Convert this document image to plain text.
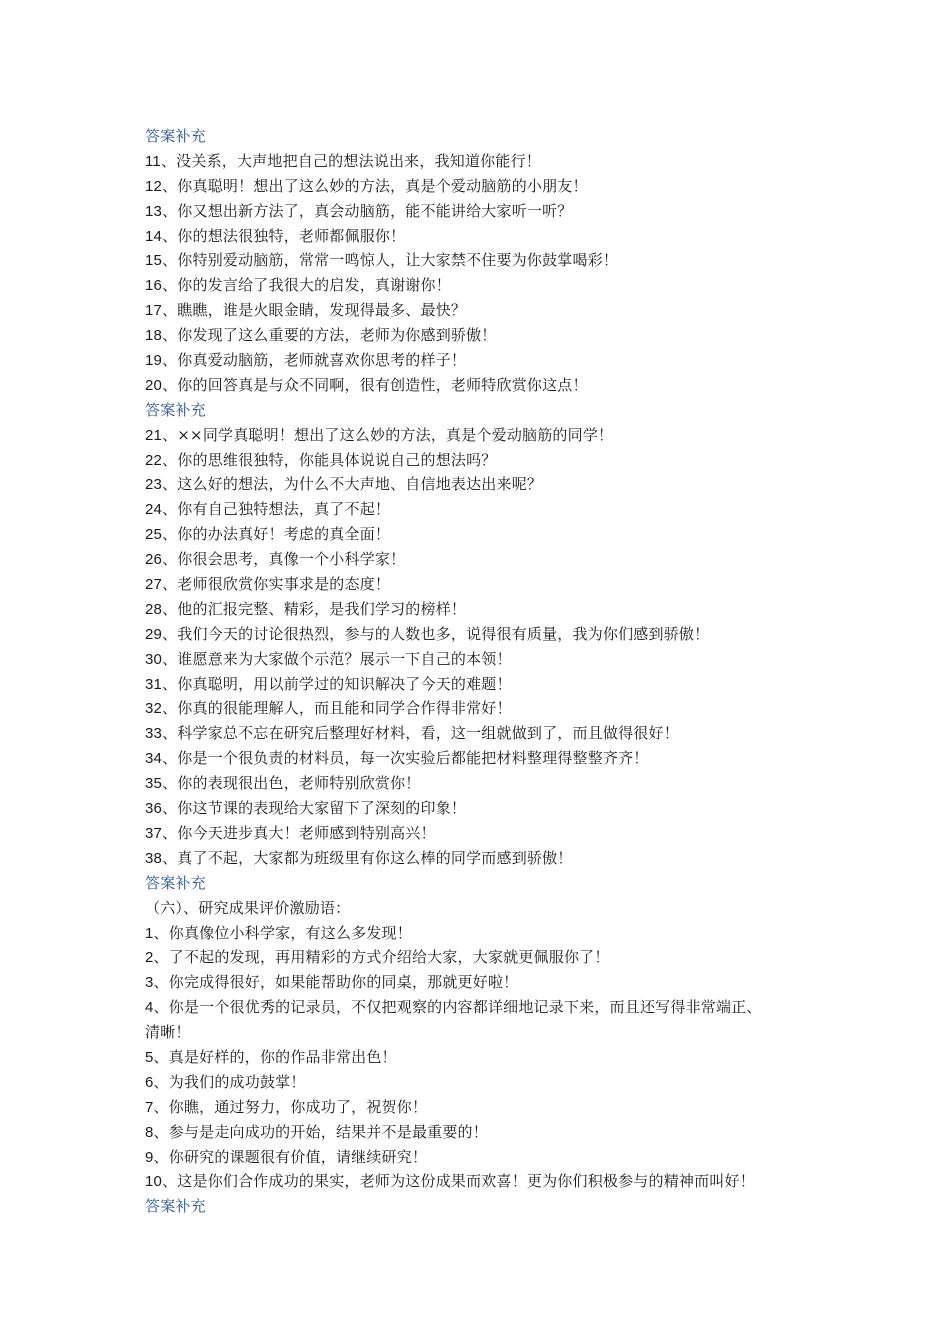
答案补充
11、没关系，大声地把自己的想法说出来，我知道你能行！
12、你真聪明！想出了这么妙的方法，真是个爱动脑筋的小朋友！
13、你又想出新方法了，真会动脑筋，能不能讲给大家听一听？
14、你的想法很独特，老师都佩服你！
15、你特别爱动脑筋，常常一鸣惊人，让大家禁不住要为你鼓掌喝彩！
16、你的发言给了我很大的启发，真谢谢你！
17、瞧瞧，谁是火眼金睛，发现得最多、最快？
18、你发现了这么重要的方法，老师为你感到骄傲！
19、你真爱动脑筋，老师就喜欢你思考的样子！
20、你的回答真是与众不同啊，很有创造性，老师特欣赏你这点！
答案补充
21、××同学真聪明！想出了这么妙的方法，真是个爱动脑筋的同学！
22、你的思维很独特，你能具体说说自己的想法吗？
23、这么好的想法，为什么不大声地、自信地表达出来呢？
24、你有自己独特想法，真了不起！
25、你的办法真好！考虑的真全面！
26、你很会思考，真像一个小科学家！
27、老师很欣赏你实事求是的态度！
28、他的汇报完整、精彩，是我们学习的榜样！
29、我们今天的讨论很热烈，参与的人数也多，说得很有质量，我为你们感到骄傲！
30、谁愿意来为大家做个示范？展示一下自己的本领！
31、你真聪明，用以前学过的知识解决了今天的难题！
32、你真的很能理解人，而且能和同学合作得非常好！
33、科学家总不忘在研究后整理好材料，看，这一组就做到了，而且做得很好！
34、你是一个很负责的材料员，每一次实验后都能把材料整理得整整齐齐！
35、你的表现很出色，老师特别欣赏你！
36、你这节课的表现给大家留下了深刻的印象！
37、你今天进步真大！老师感到特别高兴！
38、真了不起，大家都为班级里有你这么棒的同学而感到骄傲！
答案补充
（六）、研究成果评价激励语：
1、你真像位小科学家，有这么多发现！
2、了不起的发现，再用精彩的方式介绍给大家，大家就更佩服你了！
3、你完成得很好，如果能帮助你的同桌，那就更好啦！
4、你是一个很优秀的记录员，不仅把观察的内容都详细地记录下来，而且还写得非常端正、
清晰！
5、真是好样的，你的作品非常出色！
6、为我们的成功鼓掌！
7、你瞧，通过努力，你成功了，祝贺你！
8、参与是走向成功的开始，结果并不是最重要的！
9、你研究的课题很有价值，请继续研究！
10、这是你们合作成功的果实，老师为这份成果而欢喜！更为你们积极参与的精神而叫好！
答案补充
